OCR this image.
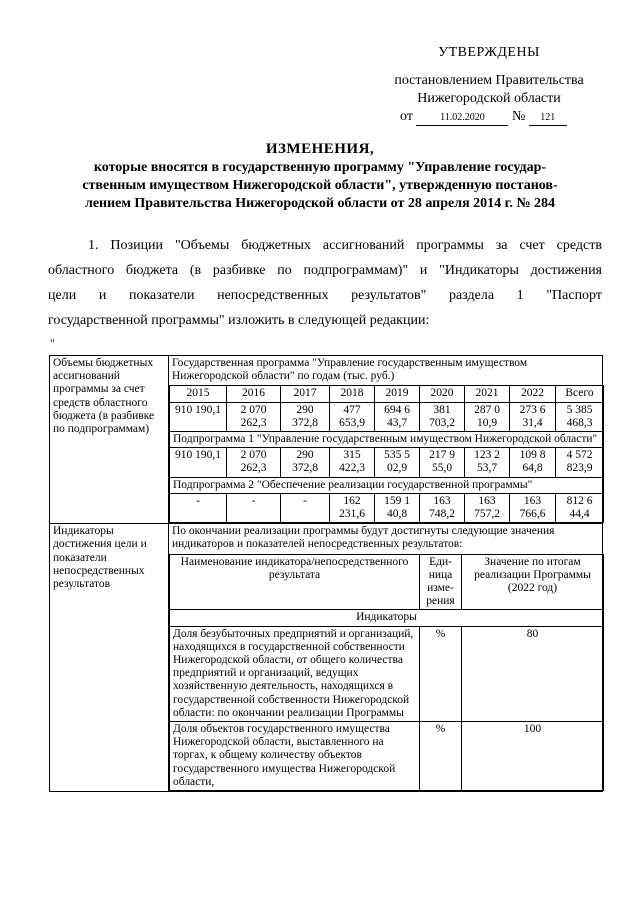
УТВЕРЖДЕНЫ
постановлением Правительства
Нижегородской области
от	11.02.2020 № 121
ИЗМЕНЕНИЯ,
которые вносятся в государственную программу "Управление государ-
ственным имуществом Нижегородской области", утвержденную постанов-
лением Правительства Нижегородской области от 28 апреля 2014 г. № 284
1. Позиции "Объемы бюджетных ассигнований программы за счет средств
областного бюджета (в разбивке по подпрограммам)" и "Индикаторы достижения
цели и показатели непосредственных результатов" раздела 1 "Паспорт
государственной программы" изложить в следующей редакции:
"
Объемы бюджетных ассигнований программы за счет средств областного бюджета (в разбивке по подпрограммам)	
Государственная программа "Управление государственным имуществом Нижегородской области" по годам (тыс. руб.)
2015	2016	2017	2018	2019	2020	2021	2022	Всего
910 190,1	2 070 262,3	290 372,8	477 653,9	694 6 43,7	381 703,2	287 0 10,9	273 6 31,4	5 385 468,3
Подпрограмма 1 "Управление государственным имуществом Нижегородской области"
910 190,1	2 070 262,3	290 372,8	315 422,3	535 5 02,9	217 9 55,0	123 2 53,7	109 8 64,8	4 572 823,9
Подпрограмма 2 "Обеспечение реализации государственной программы"
-	-	-	162 231,6	159 1 40,8	163 748,2	163 757,2	163 766,6	812 6 44,4

Индикаторы достижения цели и показатели непосредственных результатов	
По окончании реализации программы будут достигнуты следующие значения индикаторов и показателей непосредственных результатов:
Наименование индикатора/непосредственного результата	Еди-ница изме-рения	Значение по итогам реализации Программы (2022 год)
Индикаторы
Доля безубыточных предприятий и организаций, находящихся в государственной собственности Нижегородской области, от общего количества предприятий и организаций, ведущих хозяйственную деятельность, находящихся в государственной собственности Нижегородской области: по окончании реализации Программы	%	80
Доля объектов государственного имущества Нижегородской области, выставленного на торгах, к общему количеству объектов государственного имущества Нижегородской области,	%	100
